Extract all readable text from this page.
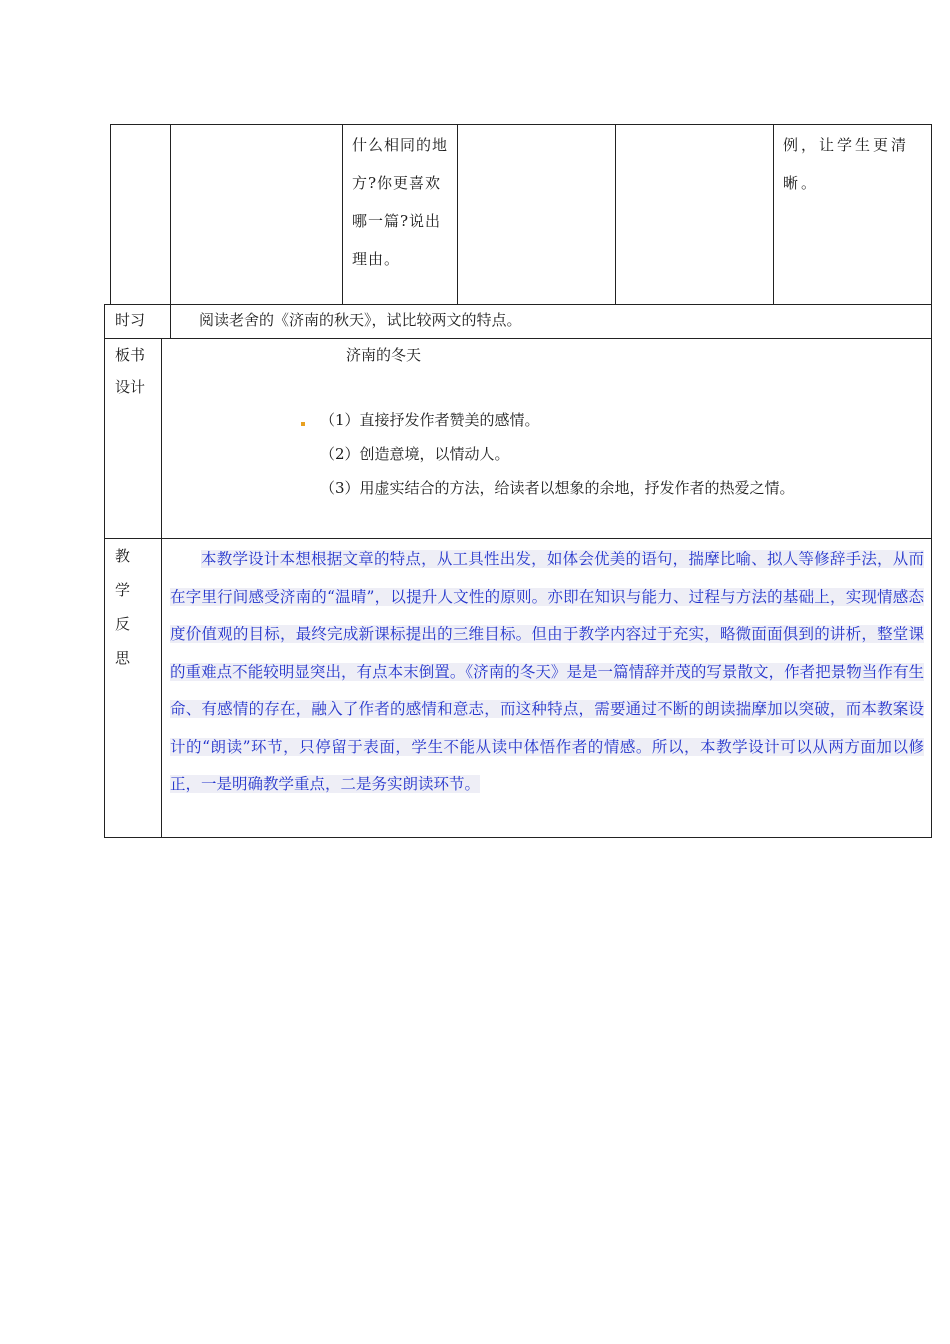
什么相同的地方?你更喜欢哪一篇?说出理由。
例，让学生更清晰。
时习	阅读老舍的《济南的秋天》，试比较两文的特点。
板书
设计
济南的冬天
（1）直接抒发作者赞美的感情。
（2）创造意境，以情动人。
（3）用虚实结合的方法，给读者以想象的余地，抒发作者的热爱之情。
教
学
反
思
本教学设计本想根据文章的特点，从工具性出发，如体会优美的语句，揣摩比喻、拟人等修辞手法，从而在字里行间感受济南的“温晴”，以提升人文性的原则。亦即在知识与能力、过程与方法的基础上，实现情感态度价值观的目标，最终完成新课标提出的三维目标。但由于教学内容过于充实，略微面面俱到的讲析，整堂课的重难点不能较明显突出，有点本末倒置。《济南的冬天》是是一篇情辞并茂的写景散文，作者把景物当作有生命、有感情的存在，融入了作者的感情和意志，而这种特点，需要通过不断的朗读揣摩加以突破，而本教案设计的“朗读”环节，只停留于表面，学生不能从读中体悟作者的情感。所以，本教学设计可以从两方面加以修正，一是明确教学重点，二是务实朗读环节。
